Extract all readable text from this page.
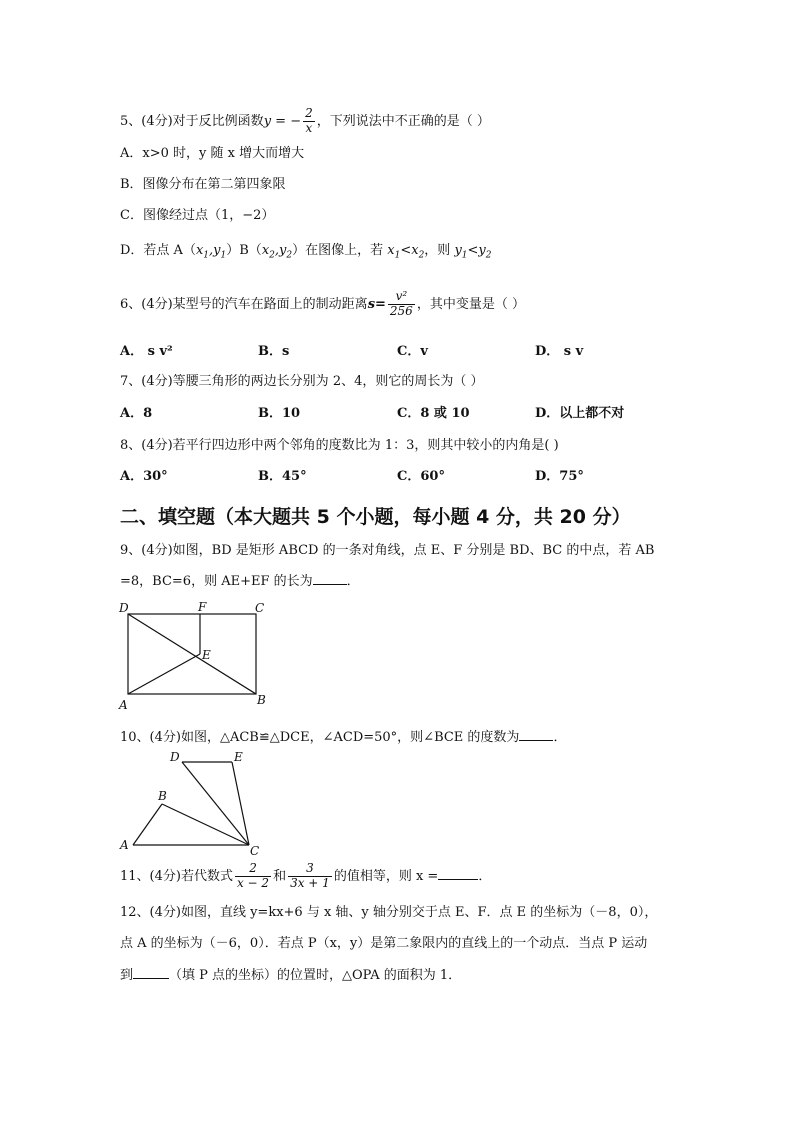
5、(4分)对于反比例函数y = − $\frac{2}{x}$ ，下列说法中不正确的是（ ）
A．x>0 时，y 随 x 增大而增大
B．图像分布在第二第四象限
C．图像经过点（1，−2）
D．若点 $A(x_1,y_1)B(x_2,y_2)$在图像上，若 $x_1<x_2$，则 $y_1<y_2$
6、(4分)某型号的汽车在路面上的制动距离$s= \frac{\text{v²}}{256}$ ，其中变量是（ ）
A． s v²	B．s	C．v	D． s v
7、(4分)等腰三角形的两边长分别为 2、4，则它的周长为（ ）
A．8	B．10	C．8 或 10	D．以上都不对
8、(4分)若平行四边形中两个邻角的度数比为 1：3，则其中较小的内角是( )
A．30°	B．45°	C．60°	D．75°
二、填空题（本大题共 5 个小题，每小题 4 分，共 20 分）
9、(4分)如图，BD 是矩形 ABCD 的一条对角线，点 E、F 分别是 BD、BC 的中点，若 AB
=8，BC=6，则 AE+EF 的长为	．
D	F	C
E
A	B
10、(4分)如图，△ACB≌△DCE，∠ACD=50°，则∠BCE 的度数为	．
D	E
B
A	C
11、(4分)若代数式 $\frac{2}{x - 2}$ 和 $\frac{3}{3x + 1}$ 的值相等，则 x =	．
12、(4分)如图，直线 y=kx+6 与 x 轴、y 轴分别交于点 E、F．点 E 的坐标为（－8，0），
点 A 的坐标为（－6，0）．若点 P（x，y）是第二象限内的直线上的一个动点．当点 P 运动
到	（填 P 点的坐标）的位置时，△OPA 的面积为 1．
